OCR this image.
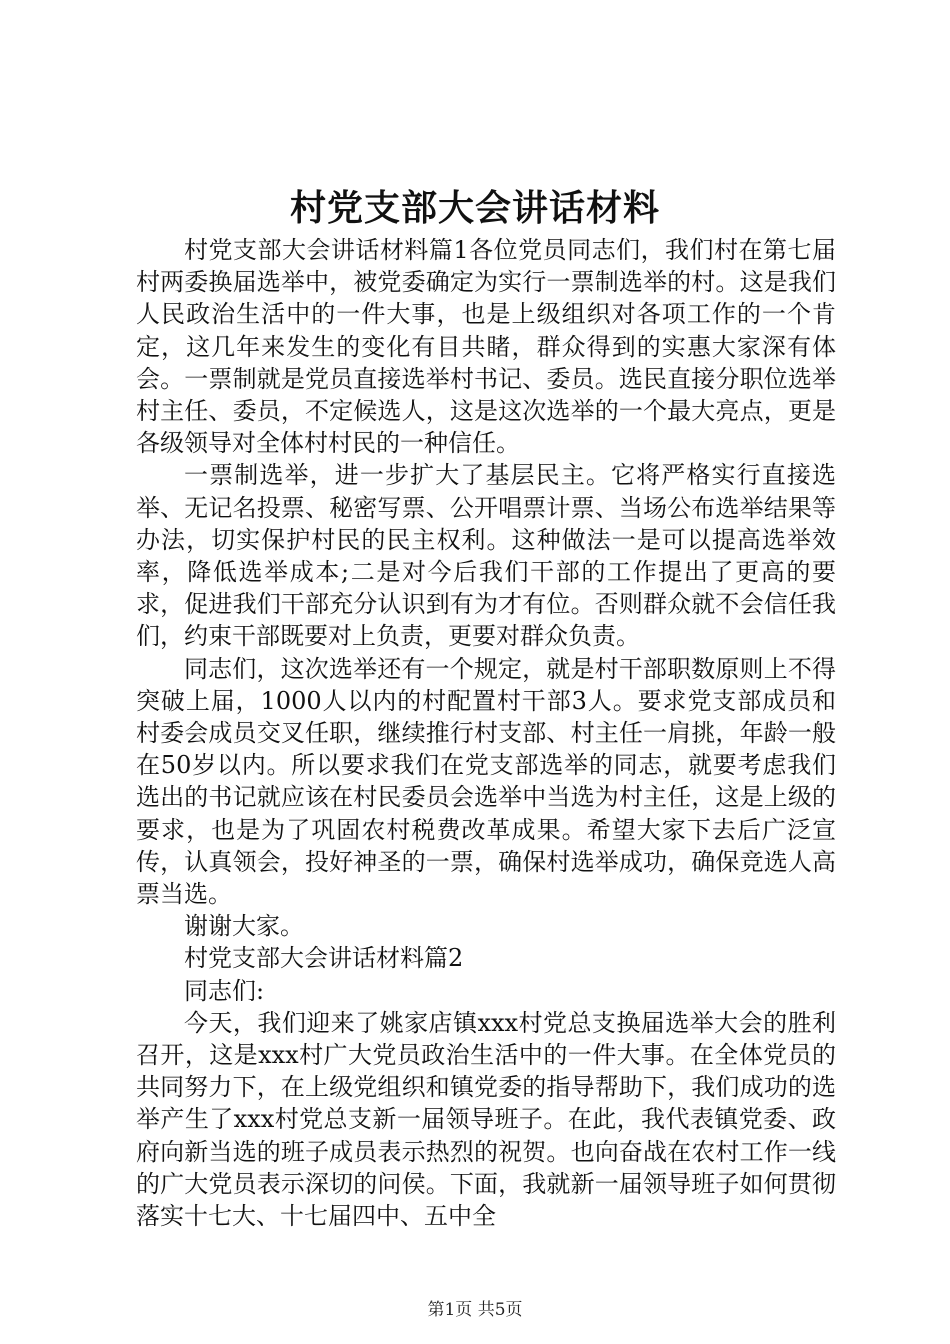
村党支部大会讲话材料

村党支部大会讲话材料篇1各位党员同志们，我们村在第七届村两委换届选举中，被党委确定为实行一票制选举的村。这是我们人民政治生活中的一件大事，也是上级组织对各项工作的一个肯定，这几年来发生的变化有目共睹，群众得到的实惠大家深有体会。一票制就是党员直接选举村书记、委员。选民直接分职位选举村主任、委员，不定候选人，这是这次选举的一个最大亮点，更是各级领导对全体村村民的一种信任。

一票制选举，进一步扩大了基层民主。它将严格实行直接选举、无记名投票、秘密写票、公开唱票计票、当场公布选举结果等办法，切实保护村民的民主权利。这种做法一是可以提高选举效率，降低选举成本;二是对今后我们干部的工作提出了更高的要求，促进我们干部充分认识到有为才有位。否则群众就不会信任我们，约束干部既要对上负责，更要对群众负责。

同志们，这次选举还有一个规定，就是村干部职数原则上不得突破上届，1000人以内的村配置村干部3人。要求党支部成员和村委会成员交叉任职，继续推行村支部、村主任一肩挑，年龄一般在50岁以内。所以要求我们在党支部选举的同志，就要考虑我们选出的书记就应该在村民委员会选举中当选为村主任，这是上级的要求，也是为了巩固农村税费改革成果。希望大家下去后广泛宣传，认真领会，投好神圣的一票，确保村选举成功，确保竞选人高票当选。

谢谢大家。

村党支部大会讲话材料篇2

同志们:

今天，我们迎来了姚家店镇xxx村党总支换届选举大会的胜利召开，这是xxx村广大党员政治生活中的一件大事。在全体党员的共同努力下，在上级党组织和镇党委的指导帮助下，我们成功的选举产生了xxx村党总支新一届领导班子。在此，我代表镇党委、政府向新当选的班子成员表示热烈的祝贺。也向奋战在农村工作一线的广大党员表示深切的问侯。下面，我就新一届领导班子如何贯彻落实十七大、十七届四中、五中全

第1页 共5页
